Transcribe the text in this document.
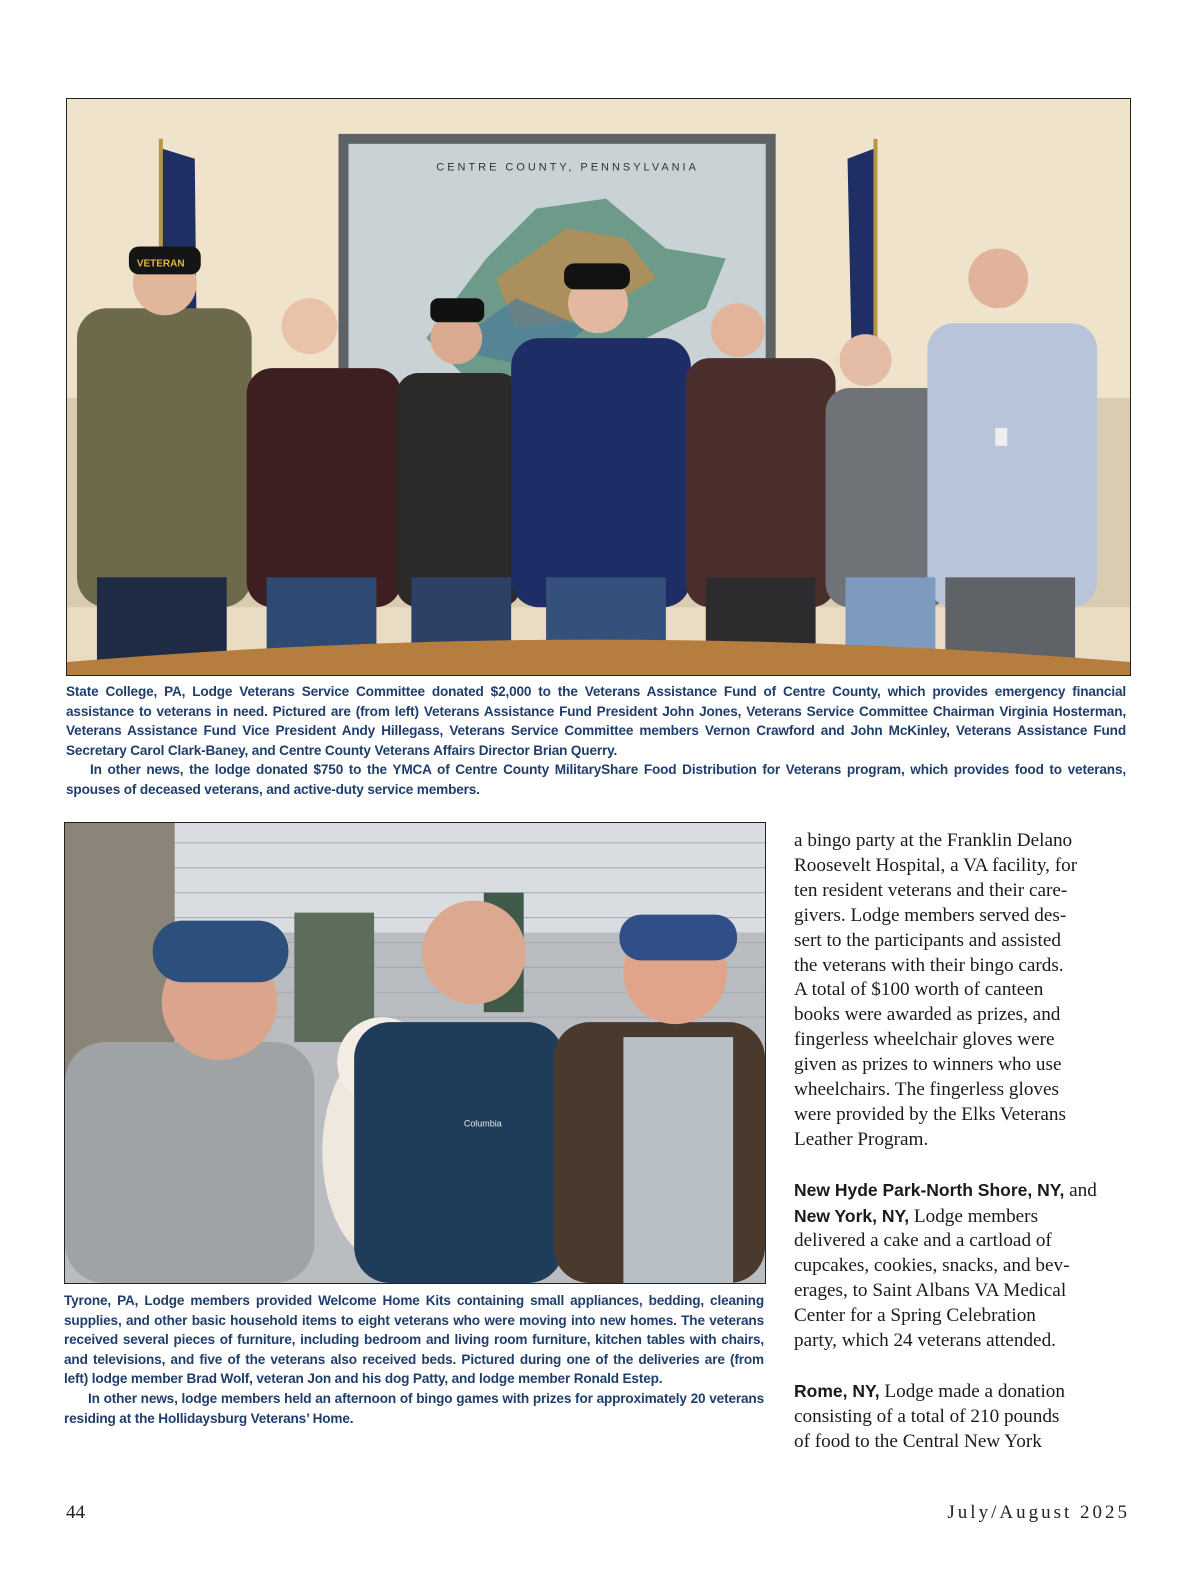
CENTRE COUNTY, PENNSYLVANIA
VETERAN

State College, PA, Lodge Veterans Service Committee donated $2,000 to the Veterans Assistance Fund of Centre County, which provides emergency financial assistance to veterans in need. Pictured are (from left) Veterans Assistance Fund President John Jones, Veterans Service Committee Chairman Virginia Hosterman, Veterans Assistance Fund Vice President Andy Hillegass, Veterans Service Committee members Vernon Crawford and John McKinley, Veterans Assistance Fund Secretary Carol Clark-Baney, and Centre County Veterans Affairs Director Brian Querry.

In other news, the lodge donated $750 to the YMCA of Centre County MilitaryShare Food Distribution for Veterans program, which provides food to veterans, spouses of deceased veterans, and active-duty service members.

Columbia

Tyrone, PA, Lodge members provided Welcome Home Kits containing small appliances, bedding, cleaning supplies, and other basic household items to eight veterans who were moving into new homes. The veterans received several pieces of furniture, including bedroom and living room furniture, kitchen tables with chairs, and televisions, and five of the veterans also received beds. Pictured during one of the deliveries are (from left) lodge member Brad Wolf, veteran Jon and his dog Patty, and lodge member Ronald Estep.

In other news, lodge members held an afternoon of bingo games with prizes for approximately 20 veterans residing at the Hollidaysburg Veterans’ Home.

a bingo party at the Franklin Delano
Roosevelt Hospital, a VA facility, for
ten resident veterans and their care-
givers. Lodge members served des-
sert to the participants and assisted
the veterans with their bingo cards.
A total of $100 worth of canteen
books were awarded as prizes, and
fingerless wheelchair gloves were
given as prizes to winners who use
wheelchairs. The fingerless gloves
were provided by the Elks Veterans
Leather Program.

New Hyde Park-North Shore, NY, and
New York, NY, Lodge members
delivered a cake and a cartload of
cupcakes, cookies, snacks, and bev-
erages, to Saint Albans VA Medical
Center for a Spring Celebration
party, which 24 veterans attended.

Rome, NY, Lodge made a donation
consisting of a total of 210 pounds
of food to the Central New York

44	July/August 2025
